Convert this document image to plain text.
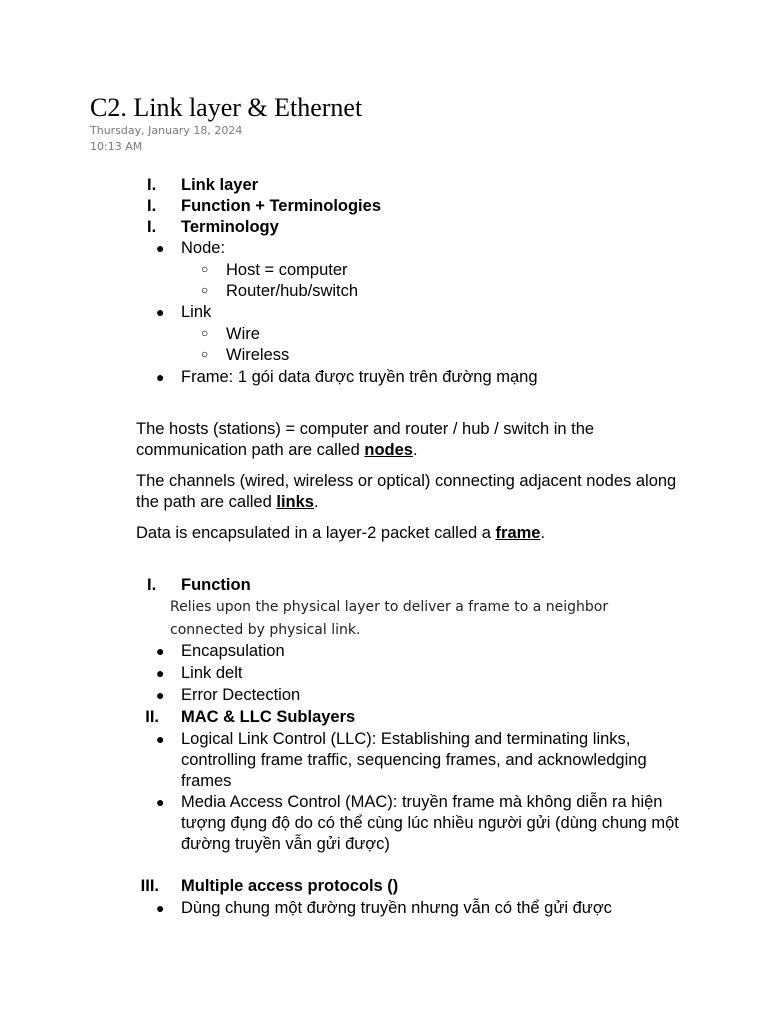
C2. Link layer & Ethernet
Thursday, January 18, 2024
10:13 AM
I. Link layer
I. Function + Terminologies
I. Terminology
● Node:
○ Host = computer
○ Router/hub/switch
● Link
○ Wire
○ Wireless
● Frame: 1 gói data được truyền trên đường mạng
The hosts (stations) = computer and router / hub / switch in the communication path are called nodes.
The channels (wired, wireless or optical) connecting adjacent nodes along the path are called links.
Data is encapsulated in a layer-2 packet called a frame.
I. Function
Relies upon the physical layer to deliver a frame to a neighbor connected by physical link.
● Encapsulation
● Link delt
● Error Dectection
II. MAC & LLC Sublayers
● Logical Link Control (LLC): Establishing and terminating links, controlling frame traffic, sequencing frames, and acknowledging frames
● Media Access Control (MAC): truyền frame mà không diễn ra hiện tượng đụng độ do có thể cùng lúc nhiều người gửi (dùng chung một đường truyền vẫn gửi được)
III. Multiple access protocols ()
● Dùng chung một đường truyền nhưng vẫn có thể gửi được
